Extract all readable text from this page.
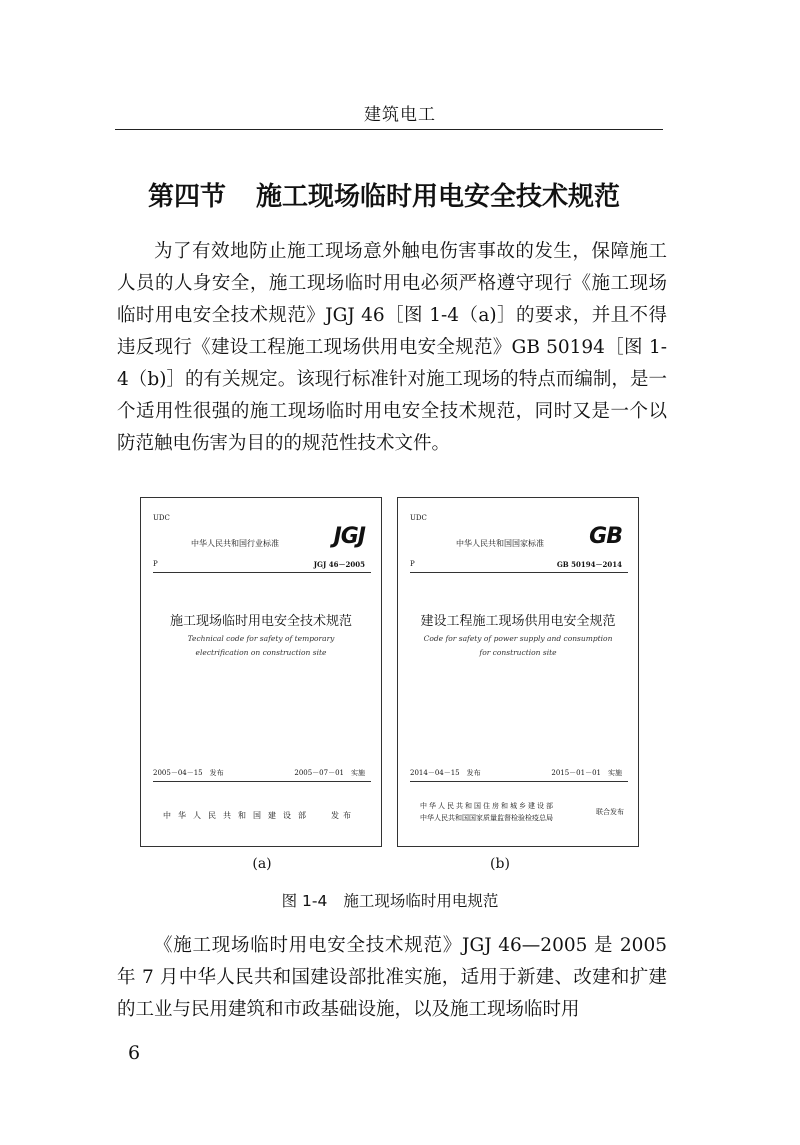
建筑电工
第四节 施工现场临时用电安全技术规范
为了有效地防止施工现场意外触电伤害事故的发生，保障施工人员的人身安全，施工现场临时用电必须严格遵守现行《施工现场临时用电安全技术规范》JGJ 46［图 1-4（a)］的要求，并且不得违反现行《建设工程施工现场供用电安全规范》GB 50194［图 1-4（b)］的有关规定。该现行标准针对施工现场的特点而编制，是一个适用性很强的施工现场临时用电安全技术规范，同时又是一个以防范触电伤害为目的的规范性技术文件。
UDC
中华人民共和国行业标准 JGJ
P	JGJ 46－2005
施工现场临时用电安全技术规范
Technical code for safety of temporary electrification on construction site
2005－04－15　发布	2005－07－01　实施
中华人民共和国建设部 发布
UDC
中华人民共和国国家标准 GB
P	GB 50194－2014
建设工程施工现场供用电安全规范
Code for safety of power supply and consumption for construction site
2014－04－15　发布	2015－01－01　实施
中华人民共和国住房和城乡建设部
中华人民共和国国家质量监督检验检疫总局
联合发布
(a)	(b)
图 1-4 施工现场临时用电规范
《施工现场临时用电安全技术规范》JGJ 46—2005 是 2005 年 7 月中华人民共和国建设部批准实施，适用于新建、改建和扩建的工业与民用建筑和市政基础设施，以及施工现场临时用
6
